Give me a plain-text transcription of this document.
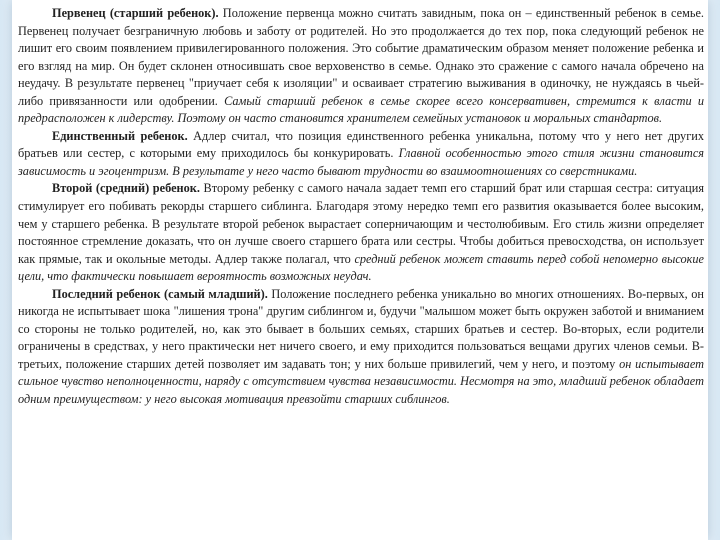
Первенец (старший ребенок). Положение первенца можно считать завидным, пока он – единственный ребенок в семье. Первенец получает безграничную любовь и заботу от родителей. Но это продолжается до тех пор, пока следующий ребенок не лишит его своим появлением привилегированного положения. Это событие драматическим образом меняет положение ребенка и его взгляд на мир. Он будет склонен относившать свое верховенство в семье. Однако это сражение с самого начала обречено на неудачу. В результате первенец "приучает себя к изоляции" и осваивает стратегию выживания в одиночку, не нуждаясь в чьей-либо привязанности или одобрении. Самый старший ребенок в семье скорее всего консервативен, стремится к власти и предрасположен к лидерству. Поэтому он часто становится хранителем семейных установок и моральных стандартов.

Единственный ребенок. Адлер считал, что позиция единственного ребенка уникальна, потому что у него нет других братьев или сестер, с которыми ему приходилось бы конкурировать. Главной особенностью этого стиля жизни становится зависимость и эгоцентризм. В результате у него часто бывают трудности во взаимоотношениях со сверстниками.

Второй (средний) ребенок. Второму ребенку с самого начала задает темп его старший брат или старшая сестра: ситуация стимулирует его побивать рекорды старшего сиблинга. Благодаря этому нередко темп его развития оказывается более высоким, чем у старшего ребенка. В результате второй ребенок вырастает соперничающим и честолюбивым. Его стиль жизни определяет постоянное стремление доказать, что он лучше своего старшего брата или сестры. Чтобы добиться превосходства, он использует как прямые, так и окольные методы. Адлер также полагал, что средний ребенок может ставить перед собой непомерно высокие цели, что фактически повышает вероятность возможных неудач.

Последний ребенок (самый младший). Положение последнего ребенка уникально во многих отношениях. Во-первых, он никогда не испытывает шока "лишения трона" другим сиблингом и, будучи "малышом может быть окружен заботой и вниманием со стороны не только родителей, но, как это бывает в больших семьях, старших братьев и сестер. Во-вторых, если родители ограничены в средствах, у него практически нет ничего своего, и ему приходится пользоваться вещами других членов семьи. В-третьих, положение старших детей позволяет им задавать тон; у них больше привилегий, чем у него, и поэтому он испытывает сильное чувство неполноценности, наряду с отсутствием чувства независимости. Несмотря на это, младший ребенок обладает одним преимуществом: у него высокая мотивация превзойти старших сиблингов.
